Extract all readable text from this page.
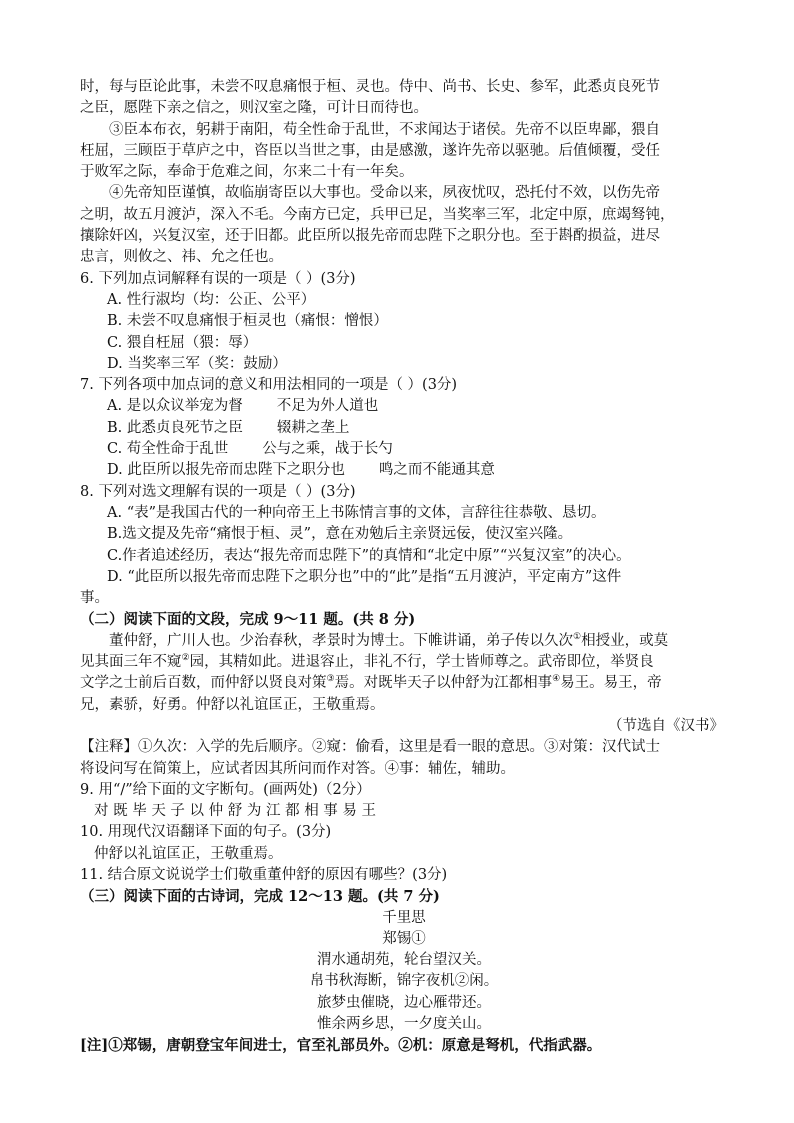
时，每与臣论此事，未尝不叹息痛恨于桓、灵也。侍中、尚书、长史、参军，此悉贞良死节

之臣，愿陛下亲之信之，则汉室之隆，可计日而待也。

③臣本布衣，躬耕于南阳，苟全性命于乱世，不求闻达于诸侯。先帝不以臣卑鄙，猥自

枉屈，三顾臣于草庐之中，咨臣以当世之事，由是感激，遂许先帝以驱驰。后值倾覆，受任

于败军之际，奉命于危难之间，尔来二十有一年矣。

④先帝知臣谨慎，故临崩寄臣以大事也。受命以来，夙夜忧叹，恐托付不效，以伤先帝

之明，故五月渡泸，深入不毛。今南方已定，兵甲已足，当奖率三军，北定中原，庶竭驽钝，

攘除奸凶，兴复汉室，还于旧都。此臣所以报先帝而忠陛下之职分也。至于斟酌损益，进尽

忠言，则攸之、祎、允之任也。

6. 下列加点词解释有误的一项是（ ）(3分)

A. 性行淑均（均：公正、公平）

B. 未尝不叹息痛恨于桓灵也（痛恨：憎恨）

C. 猥自枉屈（猥：辱）

D. 当奖率三军（奖：鼓励）

7. 下列各项中加点词的意义和用法相同的一项是（ ）(3分)

A. 是以众议举宠为督 不足为外人道也

B. 此悉贞良死节之臣 辍耕之垄上

C. 苟全性命于乱世 公与之乘，战于长勺

D. 此臣所以报先帝而忠陛下之职分也 鸣之而不能通其意

8. 下列对选文理解有误的一项是（ ）(3分)

A. “表”是我国古代的一种向帝王上书陈情言事的文体，言辞往往恭敬、恳切。

B.选文提及先帝“痛恨于桓、灵”，意在劝勉后主亲贤远佞，使汉室兴隆。

C.作者追述经历，表达“报先帝而忠陛下”的真情和“北定中原”“兴复汉室”的决心。

D. “此臣所以报先帝而忠陛下之职分也”中的“此”是指“五月渡泸，平定南方”这件

事。

（二）阅读下面的文段，完成 9～11 题。(共 8 分)

董仲舒，广川人也。少治春秋，孝景时为博士。下帷讲诵，弟子传以久次①相授业，或莫

见其面三年不窥②园，其精如此。进退容止，非礼不行，学士皆师尊之。武帝即位，举贤良

文学之士前后百数，而仲舒以贤良对策③焉。对既毕天子以仲舒为江都相事④易王。易王，帝

兄，素骄，好勇。仲舒以礼谊匡正，王敬重焉。

（节选自《汉书》

【注释】①久次：入学的先后顺序。②窥：偷看，这里是看一眼的意思。③对策：汉代试士

将设问写在简策上，应试者因其所问而作对答。④事：辅佐，辅助。

9. 用“/”给下面的文字断句。(画两处)（2分）

对 既 毕 天 子 以 仲 舒 为 江 都 相 事 易 王

10. 用现代汉语翻译下面的句子。(3分)

仲舒以礼谊匡正，王敬重焉。

11. 结合原文说说学士们敬重董仲舒的原因有哪些？(3分)

（三）阅读下面的古诗词，完成 12～13 题。(共 7 分)

千里思

郑锡①

渭水通胡苑，轮台望汉关。

帛书秋海断，锦字夜机②闲。

旅梦虫催晓，边心雁带还。

惟余两乡思，一夕度关山。

[注]①郑锡，唐朝登宝年间进士，官至礼部员外。②机：原意是弩机，代指武器。
